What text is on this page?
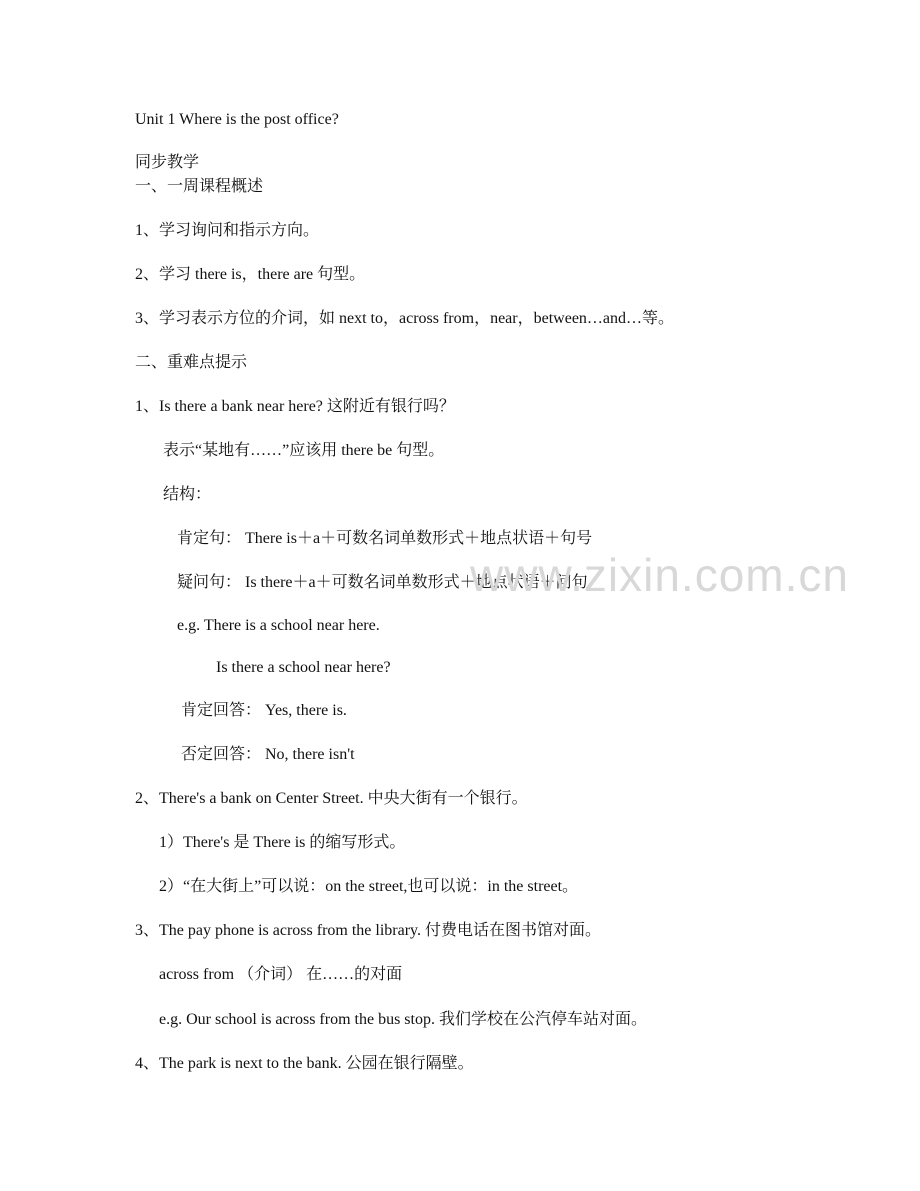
Unit 1 Where is the post office?
同步教学
一、一周课程概述
1、学习询问和指示方向。
2、学习 there is，there are 句型。
3、学习表示方位的介词，如 next to，across from，near，between…and…等。
二、重难点提示
1、Is there a bank near here? 这附近有银行吗？
表示“某地有……”应该用 there be 句型。
结构：
肯定句： There is＋a＋可数名词单数形式＋地点状语＋句号
疑问句： Is there＋a＋可数名词单数形式＋地点状语＋问句
e.g. There is a school near here.
Is there a school near here?
肯定回答： Yes, there is.
否定回答： No, there isn't
2、There's a bank on Center Street. 中央大街有一个银行。
1）There's 是 There is 的缩写形式。
2）“在大街上”可以说：on the street,也可以说：in the street。
3、The pay phone is across from the library. 付费电话在图书馆对面。
across from （介词） 在……的对面
e.g. Our school is across from the bus stop. 我们学校在公汽停车站对面。
4、The park is next to the bank. 公园在银行隔壁。
www.zixin.com.cn
